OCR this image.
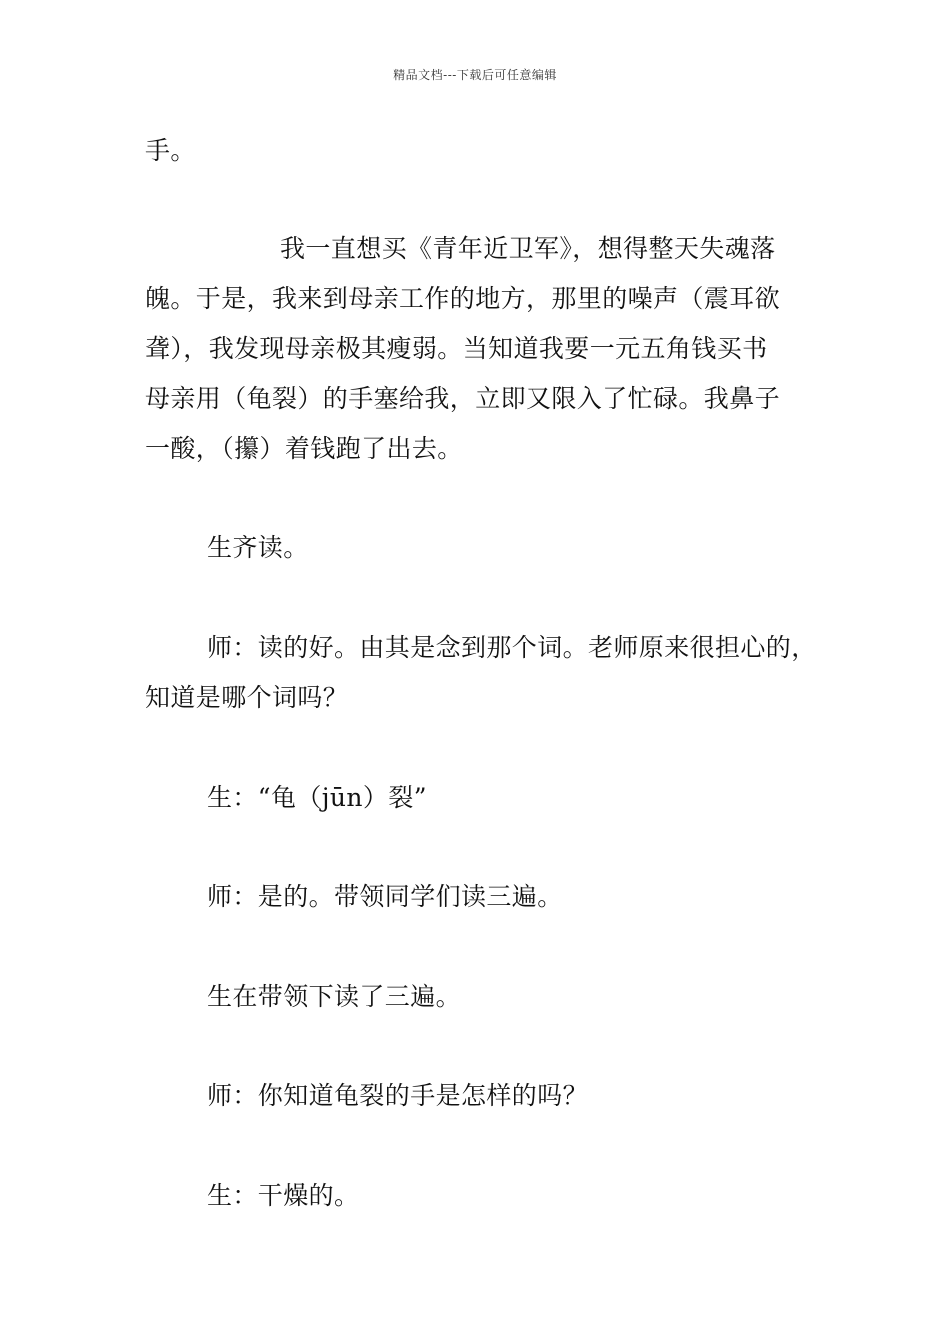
精品文档---下载后可任意编辑
手。
我一直想买《青年近卫军》，想得整天失魂落
魄。于是，我来到母亲工作的地方，那里的噪声（震耳欲
聋），我发现母亲极其瘦弱。当知道我要一元五角钱买书
母亲用（龟裂）的手塞给我，立即又限入了忙碌。我鼻子
一酸，（攥）着钱跑了出去。
生齐读。
师：读的好。由其是念到那个词。老师原来很担心的，
知道是哪个词吗？
生：“龟（jūn）裂”
师：是的。带领同学们读三遍。
生在带领下读了三遍。
师：你知道龟裂的手是怎样的吗？
生：干燥的。
